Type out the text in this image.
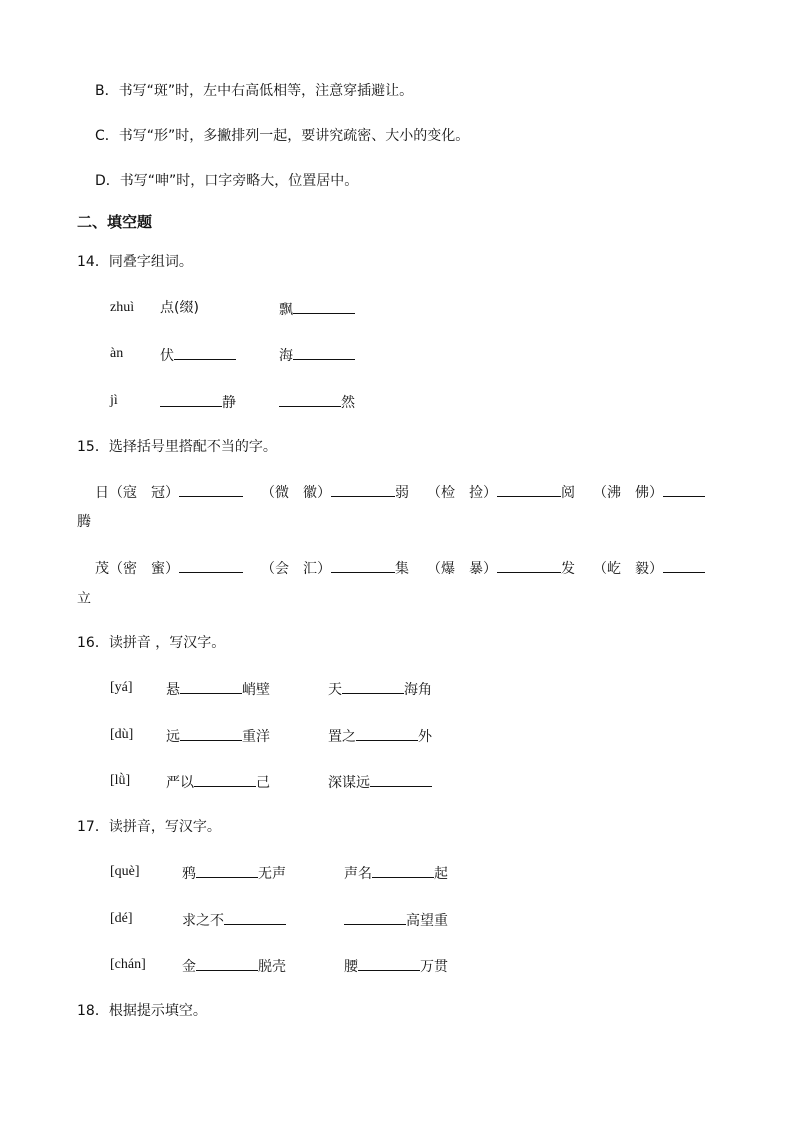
B．书写“斑”时，左中右高低相等，注意穿插避让。
C．书写“形”时，多撇排列一起，要讲究疏密、大小的变化。
D．书写“呻”时，口字旁略大，位置居中。
二、填空题
14．同叠字组词。
zhuì 点(缀)	飘
àn	伏	海
jì	静	然
15．选择括号里搭配不当的字。
日（寇　冠）	（微　徽）	弱 （检　捡）	阅 （沸　佛）
腾
茂（密　蜜）	（会　汇）	集 （爆　暴）	发 （屹　毅）
立
16．读拼音 ，写汉字。
[yá] 悬	峭壁	天	海角
[dù] 远	重洋	置之	外
[lǜ]	严以	己	深谋远
17．读拼音，写汉字。
[què]	鸦	无声	声名	起
[dé]	求之不	高望重
[chán]	金	脱壳	腰	万贯
18．根据提示填空。
